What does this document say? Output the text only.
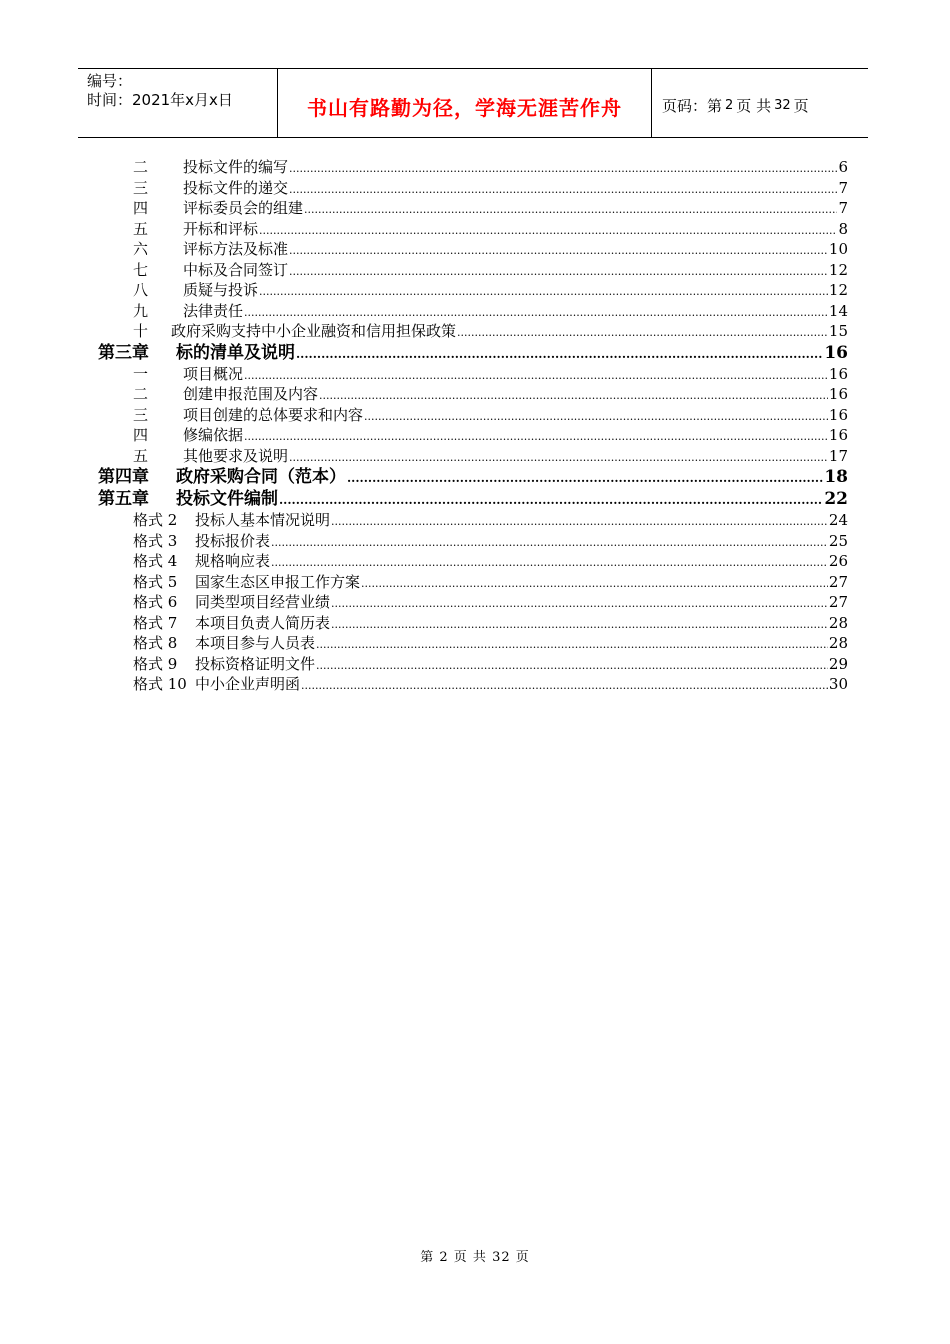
编号：
时间：2021年x月x日	书山有路勤为径，学海无涯苦作舟	页码：第 2 页 共 32 页
二	投标文件的编写 .....	6
三	投标文件的递交 .....	7
四	评标委员会的组建 .....	7
五	开标和评标 .....	8
六	评标方法及标准 .....	10
七	中标及合同签订 .....	12
八	质疑与投诉 .....	12
九	法律责任 .....	14
十	政府采购支持中小企业融资和信用担保政策 .....	15
第三章	标的清单及说明 .....	16
一	项目概况 .....	16
二	创建申报范围及内容 .....	16
三	项目创建的总体要求和内容 .....	16
四	修编依据 .....	16
五	其他要求及说明 .....	17
第四章	政府采购合同（范本） .....	18
第五章	投标文件编制 .....	22
格式 2	投标人基本情况说明 .....	24
格式 3	投标报价表 .....	25
格式 4	规格响应表 .....	26
格式 5	国家生态区申报工作方案 .....	27
格式 6	同类型项目经营业绩 .....	27
格式 7	本项目负责人简历表 .....	28
格式 8	本项目参与人员表 .....	28
格式 9	投标资格证明文件 .....	29
格式 10 中小企业声明函 .....	30
第 2 页 共 32 页
